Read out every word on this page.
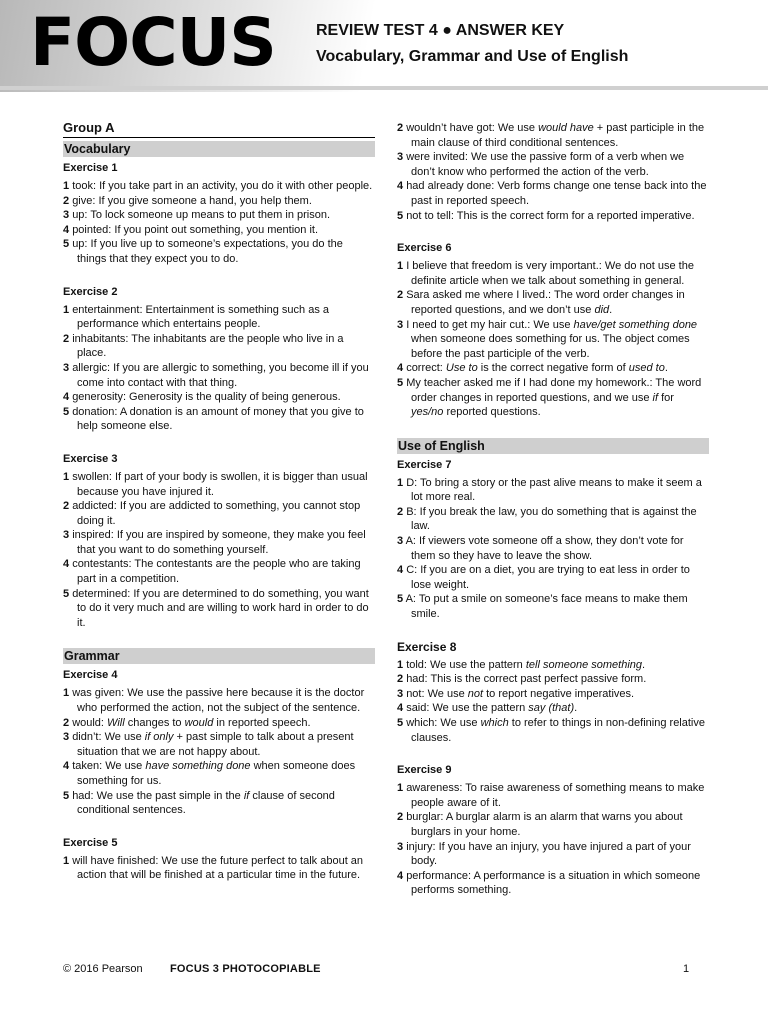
FOCUS	REVIEW TEST 4 ● ANSWER KEY
Vocabulary, Grammar and Use of English
Group A
Vocabulary
Exercise 1
1 took: If you take part in an activity, you do it with other people.
2 give: If you give someone a hand, you help them.
3 up: To lock someone up means to put them in prison.
4 pointed: If you point out something, you mention it.
5 up: If you live up to someone’s expectations, you do the things that they expect you to do.
Exercise 2
1 entertainment: Entertainment is something such as a performance which entertains people.
2 inhabitants: The inhabitants are the people who live in a place.
3 allergic: If you are allergic to something, you become ill if you come into contact with that thing.
4 generosity: Generosity is the quality of being generous.
5 donation: A donation is an amount of money that you give to help someone else.
Exercise 3
1 swollen: If part of your body is swollen, it is bigger than usual because you have injured it.
2 addicted: If you are addicted to something, you cannot stop doing it.
3 inspired: If you are inspired by someone, they make you feel that you want to do something yourself.
4 contestants: The contestants are the people who are taking part in a competition.
5 determined: If you are determined to do something, you want to do it very much and are willing to work hard in order to do it.
Grammar
Exercise 4
1 was given: We use the passive here because it is the doctor who performed the action, not the subject of the sentence.
2 would: Will changes to would in reported speech.
3 didn’t: We use if only + past simple to talk about a present situation that we are not happy about.
4 taken: We use have something done when someone does something for us.
5 had: We use the past simple in the if clause of second conditional sentences.
Exercise 5
1 will have finished: We use the future perfect to talk about an action that will be finished at a particular time in the future.
2 wouldn’t have got: We use would have + past participle in the main clause of third conditional sentences.
3 were invited: We use the passive form of a verb when we don’t know who performed the action of the verb.
4 had already done: Verb forms change one tense back into the past in reported speech.
5 not to tell: This is the correct form for a reported imperative.
Exercise 6
1 I believe that freedom is very important.: We do not use the definite article when we talk about something in general.
2 Sara asked me where I lived.: The word order changes in reported questions, and we don’t use did.
3 I need to get my hair cut.: We use have/get something done when someone does something for us. The object comes before the past participle of the verb.
4 correct: Use to is the correct negative form of used to.
5 My teacher asked me if I had done my homework.: The word order changes in reported questions, and we use if for yes/no reported questions.
Use of English
Exercise 7
1 D: To bring a story or the past alive means to make it seem a lot more real.
2 B: If you break the law, you do something that is against the law.
3 A: If viewers vote someone off a show, they don’t vote for them so they have to leave the show.
4 C: If you are on a diet, you are trying to eat less in order to lose weight.
5 A: To put a smile on someone’s face means to make them smile.
Exercise 8
1 told: We use the pattern tell someone something.
2 had: This is the correct past perfect passive form.
3 not: We use not to report negative imperatives.
4 said: We use the pattern say (that).
5 which: We use which to refer to things in non-defining relative clauses.
Exercise 9
1 awareness: To raise awareness of something means to make people aware of it.
2 burglar: A burglar alarm is an alarm that warns you about burglars in your home.
3 injury: If you have an injury, you have injured a part of your body.
4 performance: A performance is a situation in which someone performs something.
© 2016 Pearson FOCUS 3 PHOTOCOPIABLE	1
